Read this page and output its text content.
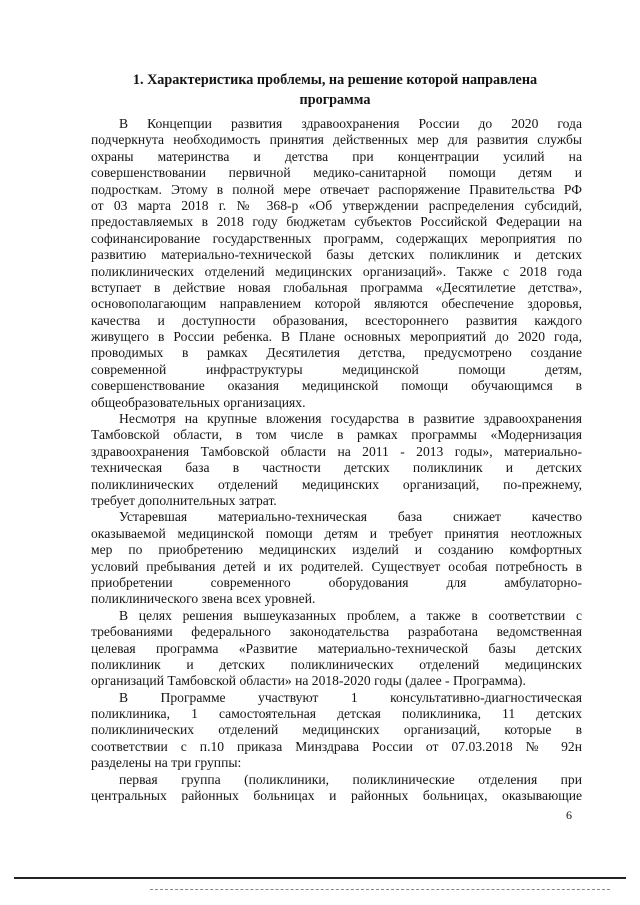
1. Характеристика проблемы, на решение которой направлена
программа
В Концепции развития здравоохранения России до 2020 года
подчеркнута необходимость принятия действенных мер для развития службы
охраны материнства и детства при концентрации усилий на
совершенствовании первичной медико-санитарной помощи детям и
подросткам. Этому в полной мере отвечает распоряжение Правительства РФ
от 03 марта 2018 г. № 368-р «Об утверждении распределения субсидий,
предоставляемых в 2018 году бюджетам субъектов Российской Федерации на
софинансирование государственных программ, содержащих мероприятия по
развитию материально-технической базы детских поликлиник и детских
поликлинических отделений медицинских организаций». Также с 2018 года
вступает в действие новая глобальная программа «Десятилетие детства»,
основополагающим направлением которой являются обеспечение здоровья,
качества и доступности образования, всестороннего развития каждого
живущего в России ребенка. В Плане основных мероприятий до 2020 года,
проводимых в рамках Десятилетия детства, предусмотрено создание
современной инфраструктуры медицинской помощи детям,
совершенствование оказания медицинской помощи обучающимся в
общеобразовательных организациях.
Несмотря на крупные вложения государства в развитие здравоохранения
Тамбовской области, в том числе в рамках программы «Модернизация
здравоохранения Тамбовской области на 2011 - 2013 годы», материально-
техническая база в частности детских поликлиник и детских
поликлинических отделений медицинских организаций, по-прежнему,
требует дополнительных затрат.
Устаревшая материально-техническая база снижает качество
оказываемой медицинской помощи детям и требует принятия неотложных
мер по приобретению медицинских изделий и созданию комфортных
условий пребывания детей и их родителей. Существует особая потребность в
приобретении современного оборудования для амбулаторно-
поликлинического звена всех уровней.
В целях решения вышеуказанных проблем, а также в соответствии с
требованиями федерального законодательства разработана ведомственная
целевая программа «Развитие материально-технической базы детских
поликлиник и детских поликлинических отделений медицинских
организаций Тамбовской области» на 2018-2020 годы (далее - Программа).
В Программе участвуют 1 консультативно-диагностическая
поликлиника, 1 самостоятельная детская поликлиника, 11 детских
поликлинических отделений медицинских организаций, которые в
соответствии с п.10 приказа Минздрава России от 07.03.2018 № 92н
разделены на три группы:
первая группа (поликлиники, поликлинические отделения при
центральных районных больницах и районных больницах, оказывающие
6
